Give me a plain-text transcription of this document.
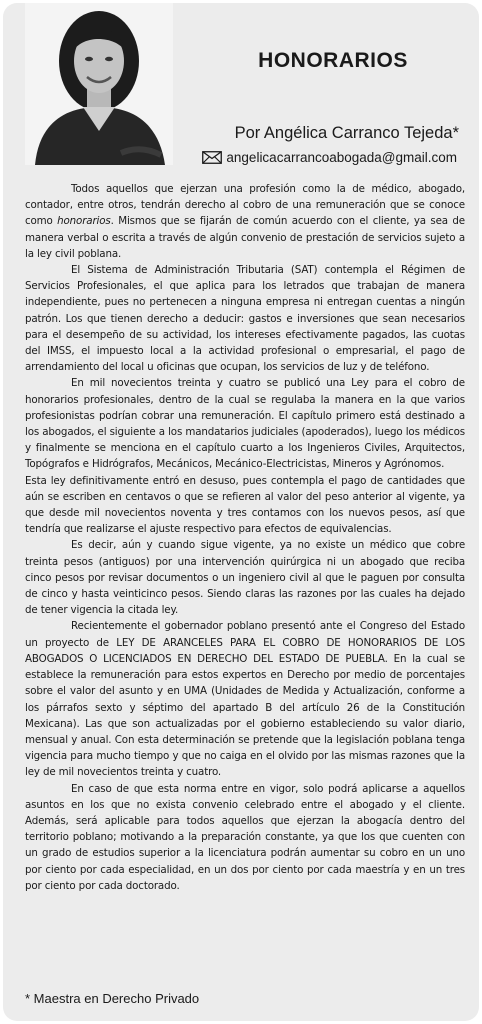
HONORARIOS
Por Angélica Carranco Tejeda*
angelicacarrancoabogada@gmail.com

Todos aquellos que ejerzan una profesión como la de médico, abogado, contador, entre otros, tendrán derecho al cobro de una remuneración que se conoce como honorarios. Mismos que se fijarán de común acuerdo con el cliente, ya sea de manera verbal o escrita a través de algún convenio de prestación de servicios sujeto a la ley civil poblana.

El Sistema de Administración Tributaria (SAT) contempla el Régimen de Servicios Profesionales, el que aplica para los letrados que trabajan de manera independiente, pues no pertenecen a ninguna empresa ni entregan cuentas a ningún patrón. Los que tienen derecho a deducir: gastos e inversiones que sean necesarios para el desempeño de su actividad, los intereses efectivamente pagados, las cuotas del IMSS, el impuesto local a la actividad profesional o empresarial, el pago de arrendamiento del local u oficinas que ocupan, los servicios de luz y de teléfono.

En mil novecientos treinta y cuatro se publicó una Ley para el cobro de honorarios profesionales, dentro de la cual se regulaba la manera en la que varios profesionistas podrían cobrar una remuneración. El capítulo primero está destinado a los abogados, el siguiente a los mandatarios judiciales (apoderados), luego los médicos y finalmente se menciona en el capítulo cuarto a los Ingenieros Civiles, Arquitectos, Topógrafos e Hidrógrafos, Mecánicos, Mecánico-Electricistas, Mineros y Agrónomos.

Esta ley definitivamente entró en desuso, pues contempla el pago de cantidades que aún se escriben en centavos o que se refieren al valor del peso anterior al vigente, ya que desde mil novecientos noventa y tres contamos con los nuevos pesos, así que tendría que realizarse el ajuste respectivo para efectos de equivalencias.

Es decir, aún y cuando sigue vigente, ya no existe un médico que cobre treinta pesos (antiguos) por una intervención quirúrgica ni un abogado que reciba cinco pesos por revisar documentos o un ingeniero civil al que le paguen por consulta de cinco y hasta veinticinco pesos. Siendo claras las razones por las cuales ha dejado de tener vigencia la citada ley.

Recientemente el gobernador poblano presentó ante el Congreso del Estado un proyecto de LEY DE ARANCELES PARA EL COBRO DE HONORARIOS DE LOS ABOGADOS O LICENCIADOS EN DERECHO DEL ESTADO DE PUEBLA. En la cual se establece la remuneración para estos expertos en Derecho por medio de porcentajes sobre el valor del asunto y en UMA (Unidades de Medida y Actualización, conforme a los párrafos sexto y séptimo del apartado B del artículo 26 de la Constitución Mexicana). Las que son actualizadas por el gobierno estableciendo su valor diario, mensual y anual. Con esta determinación se pretende que la legislación poblana tenga vigencia para mucho tiempo y que no caiga en el olvido por las mismas razones que la ley de mil novecientos treinta y cuatro.

En caso de que esta norma entre en vigor, solo podrá aplicarse a aquellos asuntos en los que no exista convenio celebrado entre el abogado y el cliente. Además, será aplicable para todos aquellos que ejerzan la abogacía dentro del territorio poblano; motivando a la preparación constante, ya que los que cuenten con un grado de estudios superior a la licenciatura podrán aumentar su cobro en un uno por ciento por cada especialidad, en un dos por ciento por cada maestría y en un tres por ciento por cada doctorado.

* Maestra en Derecho Privado
